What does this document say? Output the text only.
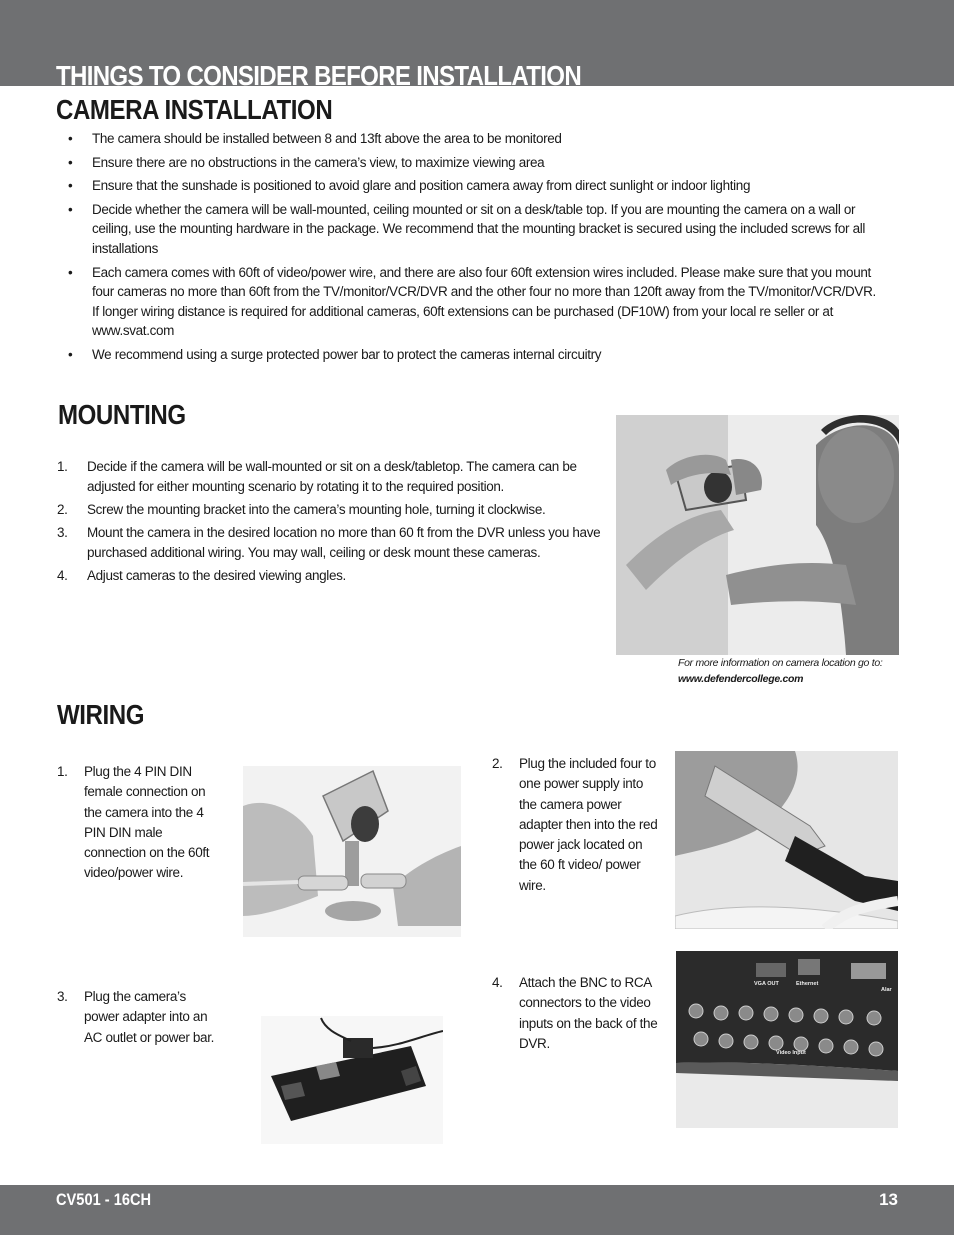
THINGS TO CONSIDER BEFORE INSTALLATION
CAMERA INSTALLATION
• The camera should be installed between 8 and 13ft above the area to be monitored
• Ensure there are no obstructions in the camera’s view, to maximize viewing area
• Ensure that the sunshade is positioned to avoid glare and position camera away from direct sunlight or indoor lighting
• Decide whether the camera will be wall-mounted, ceiling mounted or sit on a desk/table top. If you are mounting the camera on a wall or ceiling, use the mounting hardware in the package. We recommend that the mounting bracket is secured using the included screws for all installations
• Each camera comes with 60ft of video/power wire, and there are also four 60ft extension wires included. Please make sure that you mount four cameras no more than 60ft from the TV/monitor/VCR/DVR and the other four no more than 120ft away from the TV/monitor/VCR/DVR. If longer wiring distance is required for additional cameras, 60ft extensions can be purchased (DF10W) from your local re seller or at www.svat.com
• We recommend using a surge protected power bar to protect the cameras internal circuitry
MOUNTING
1. Decide if the camera will be wall-mounted or sit on a desk/tabletop. The camera can be adjusted for either mounting scenario by rotating it to the required position.
2. Screw the mounting bracket into the camera’s mounting hole, turning it clockwise.
3. Mount the camera in the desired location no more than 60 ft from the DVR unless you have purchased additional wiring. You may wall, ceiling or desk mount these cameras.
4. Adjust cameras to the desired viewing angles.
For more information on camera location go to:
www.defendercollege.com
WIRING
1. Plug the 4 PIN DIN female connection on the camera into the 4 PIN DIN male connection on the 60ft video/power wire.
2. Plug the included four to one power supply into the camera power adapter then into the red power jack located on the 60 ft video/ power wire.
3. Plug the camera’s power adapter into an AC outlet or power bar.
4. Attach the BNC to RCA connectors to the video inputs on the back of the DVR.
VGA OUT	Ethernet
Alar
Video Input
CV501 - 16CH	13
